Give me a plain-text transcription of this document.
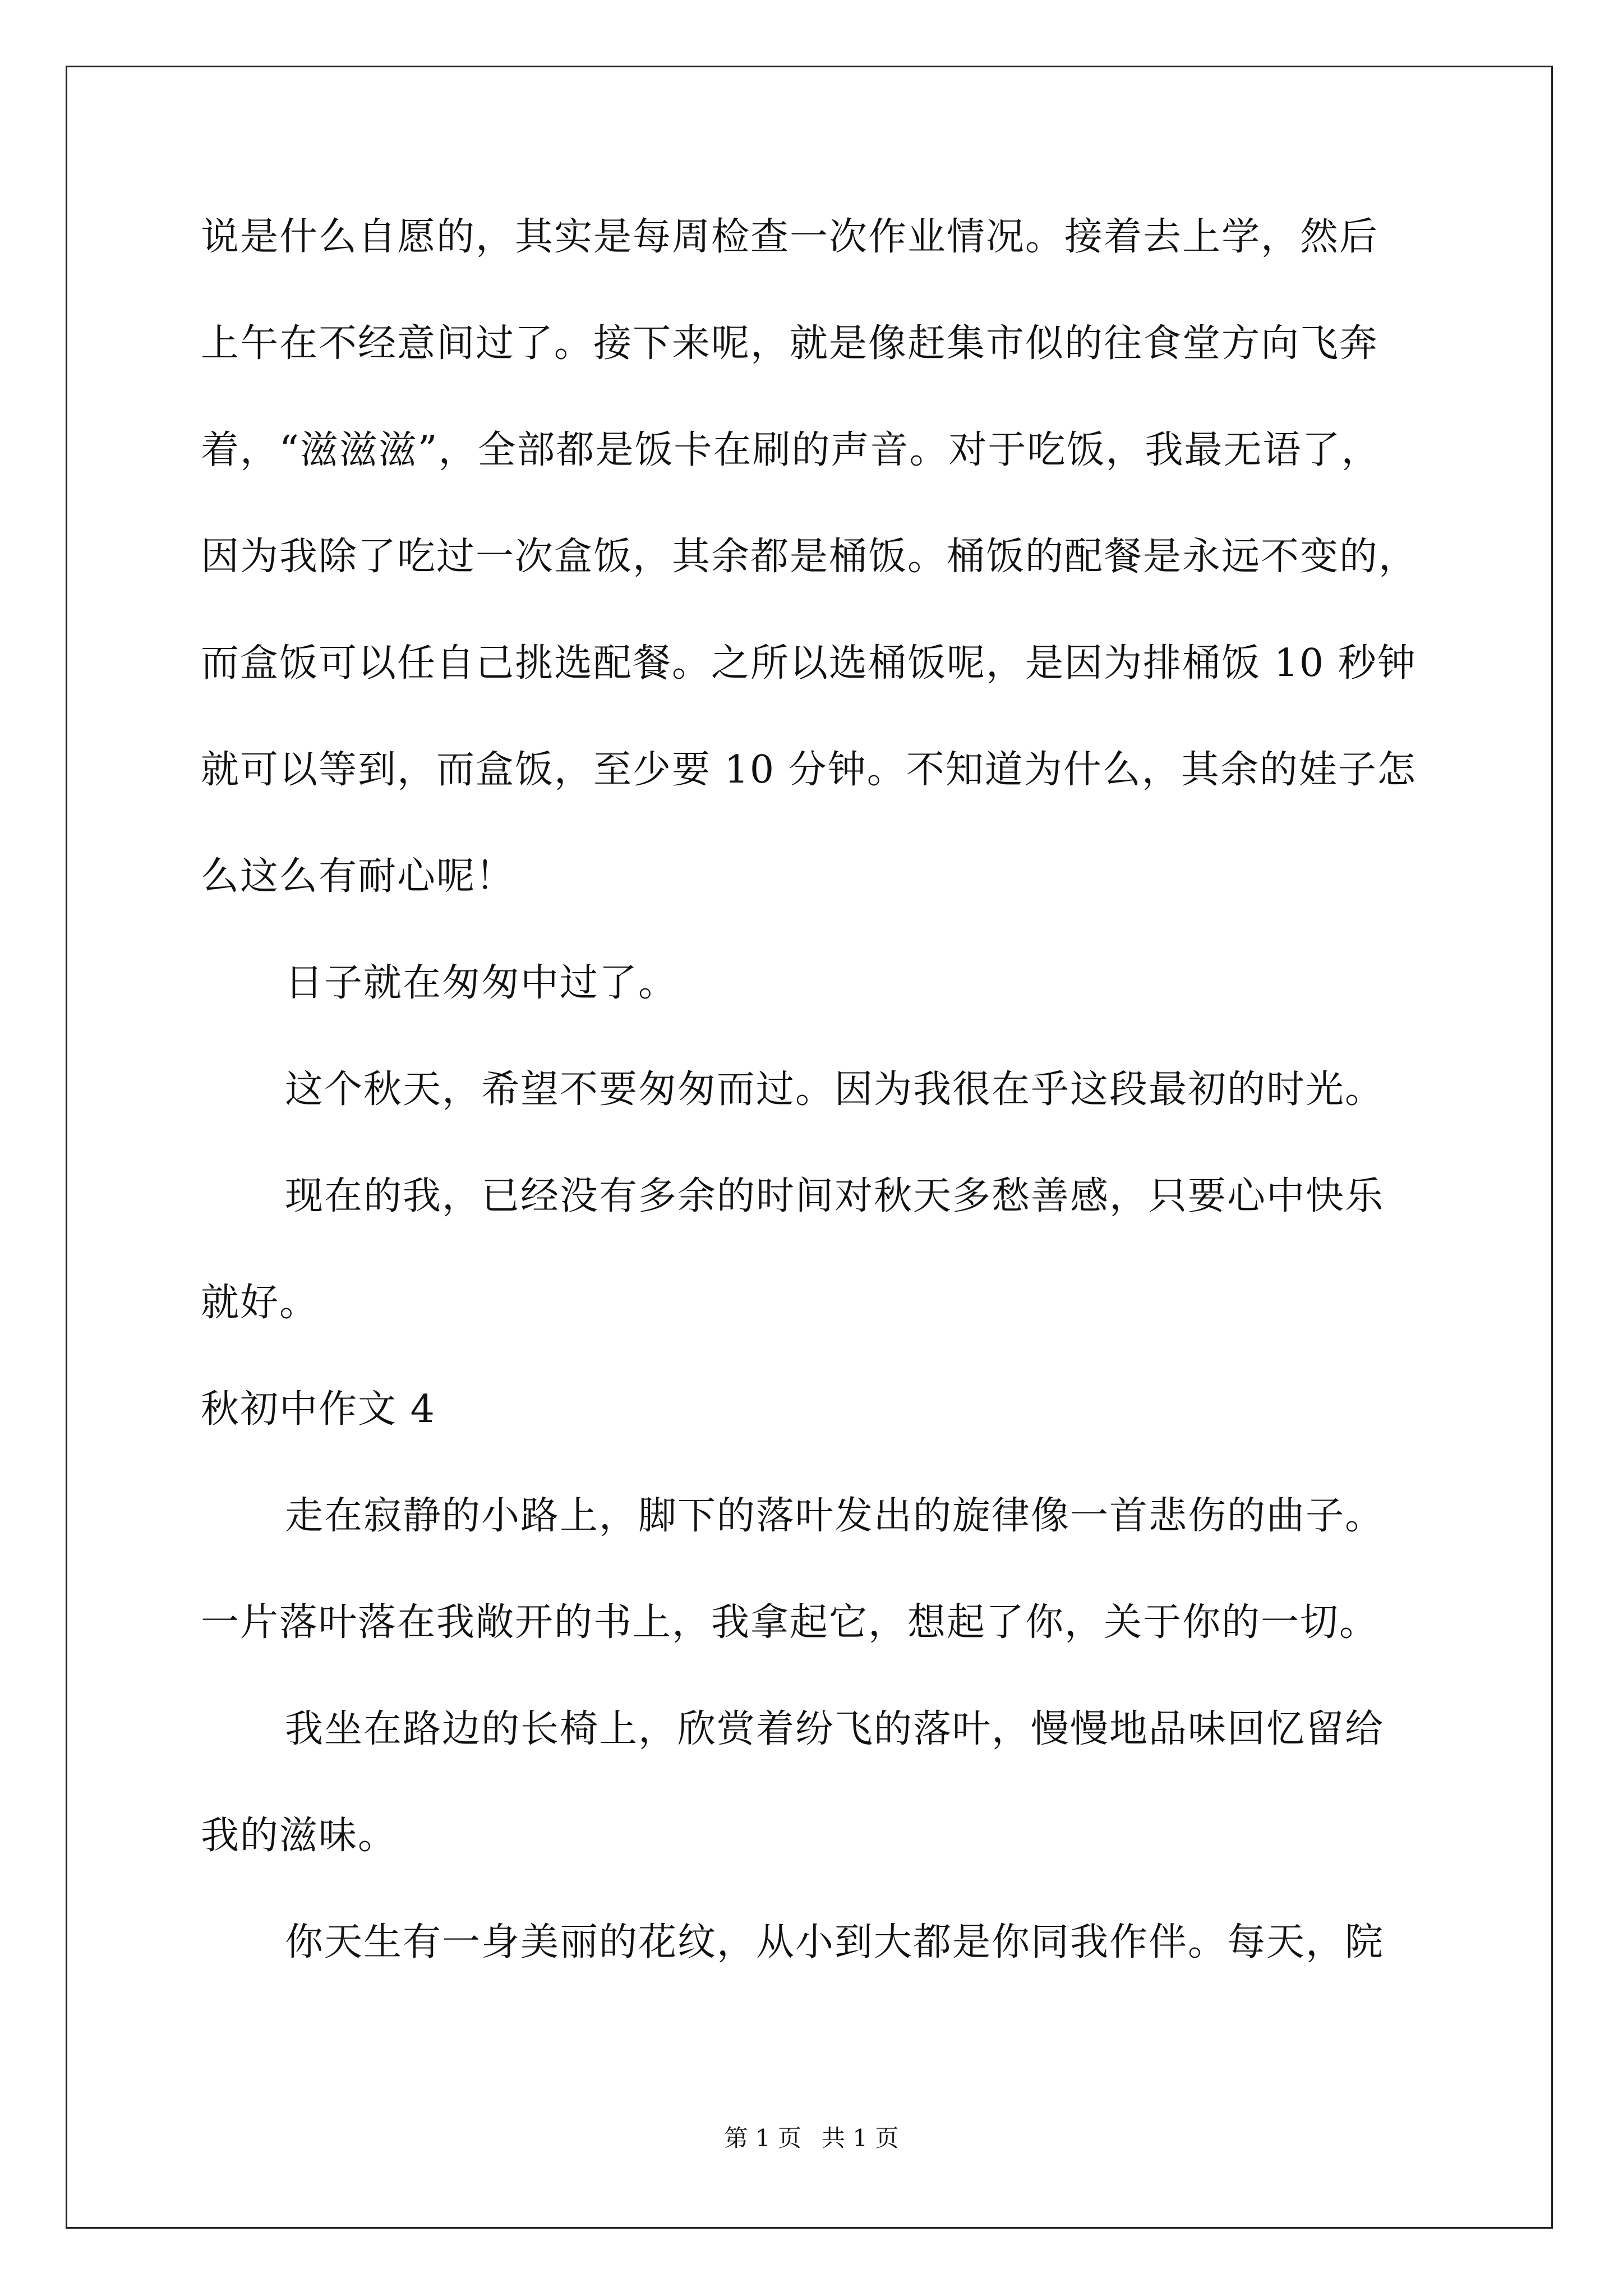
说是什么自愿的，其实是每周检查一次作业情况。接着去上学，然后
上午在不经意间过了。接下来呢，就是像赶集市似的往食堂方向飞奔
着，“滋滋滋”，全部都是饭卡在刷的声音。对于吃饭，我最无语了，
因为我除了吃过一次盒饭，其余都是桶饭。桶饭的配餐是永远不变的，
而盒饭可以任自己挑选配餐。之所以选桶饭呢，是因为排桶饭 10 秒钟
就可以等到，而盒饭，至少要 10 分钟。不知道为什么，其余的娃子怎
么这么有耐心呢！
日子就在匆匆中过了。
这个秋天，希望不要匆匆而过。因为我很在乎这段最初的时光。
现在的我，已经没有多余的时间对秋天多愁善感，只要心中快乐
就好。
秋初中作文 4
走在寂静的小路上，脚下的落叶发出的旋律像一首悲伤的曲子。
一片落叶落在我敞开的书上，我拿起它，想起了你，关于你的一切。
我坐在路边的长椅上，欣赏着纷飞的落叶，慢慢地品味回忆留给
我的滋味。
你天生有一身美丽的花纹，从小到大都是你同我作伴。每天，院
第 1 页 共 1 页
